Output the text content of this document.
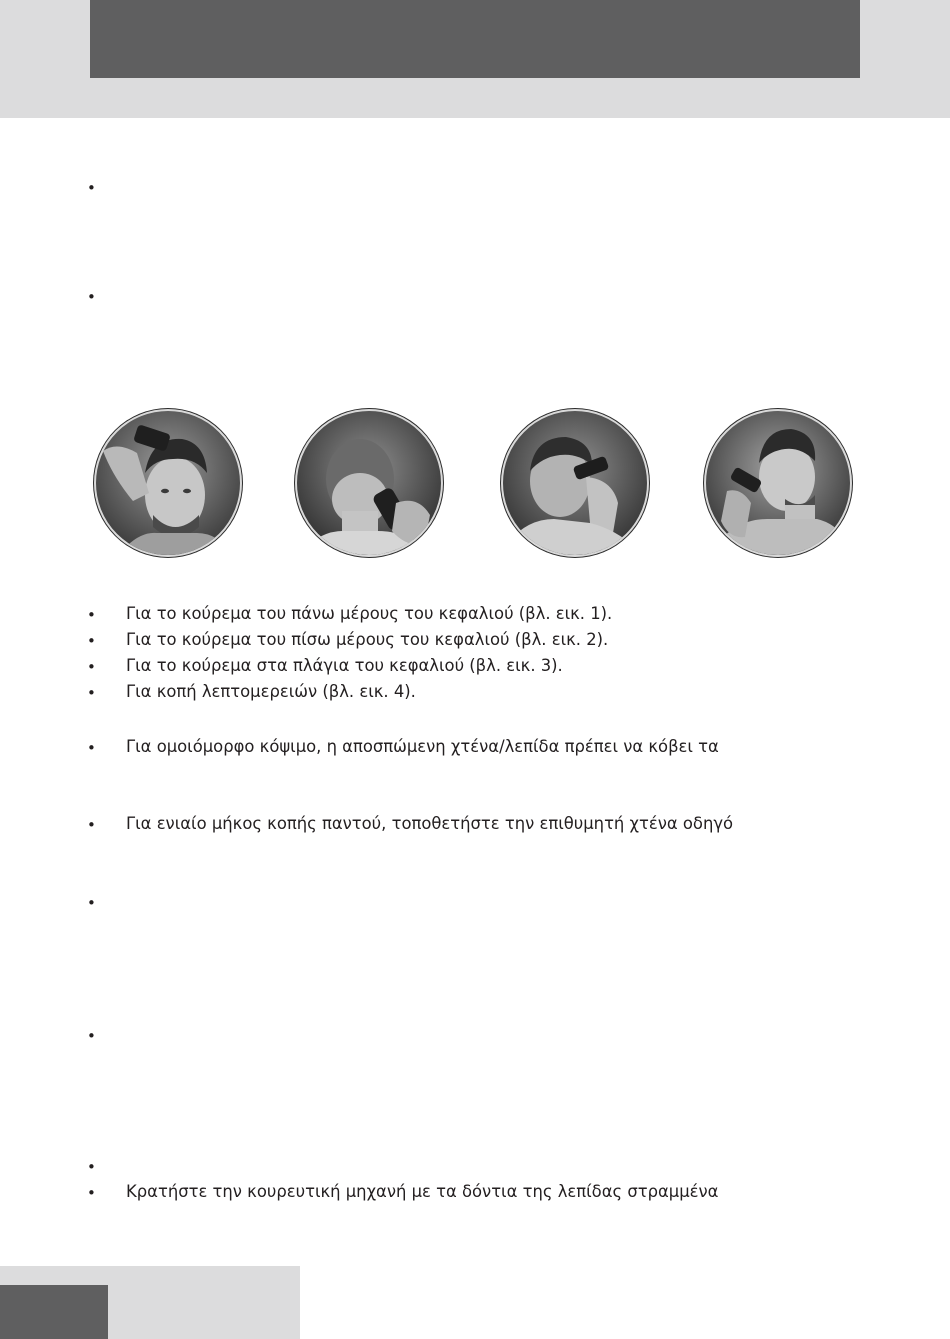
•
•
•	Για το κούρεμα του πάνω μέρους του κεφαλιού (βλ. εικ. 1).
•	Για το κούρεμα του πίσω μέρους του κεφαλιού (βλ. εικ. 2).
•	Για το κούρεμα στα πλάγια του κεφαλιού (βλ. εικ. 3).
•	Για κοπή λεπτομερειών (βλ. εικ. 4).
•	Για ομοιόμορφο κόψιμο, η αποσπώμενη χτένα/λεπίδα πρέπει να κόβει τα
•	Για ενιαίο μήκος κοπής παντού, τοποθετήστε την επιθυμητή χτένα οδηγό
•
•
•
•	Κρατήστε την κουρευτική μηχανή με τα δόντια της λεπίδας στραμμένα
